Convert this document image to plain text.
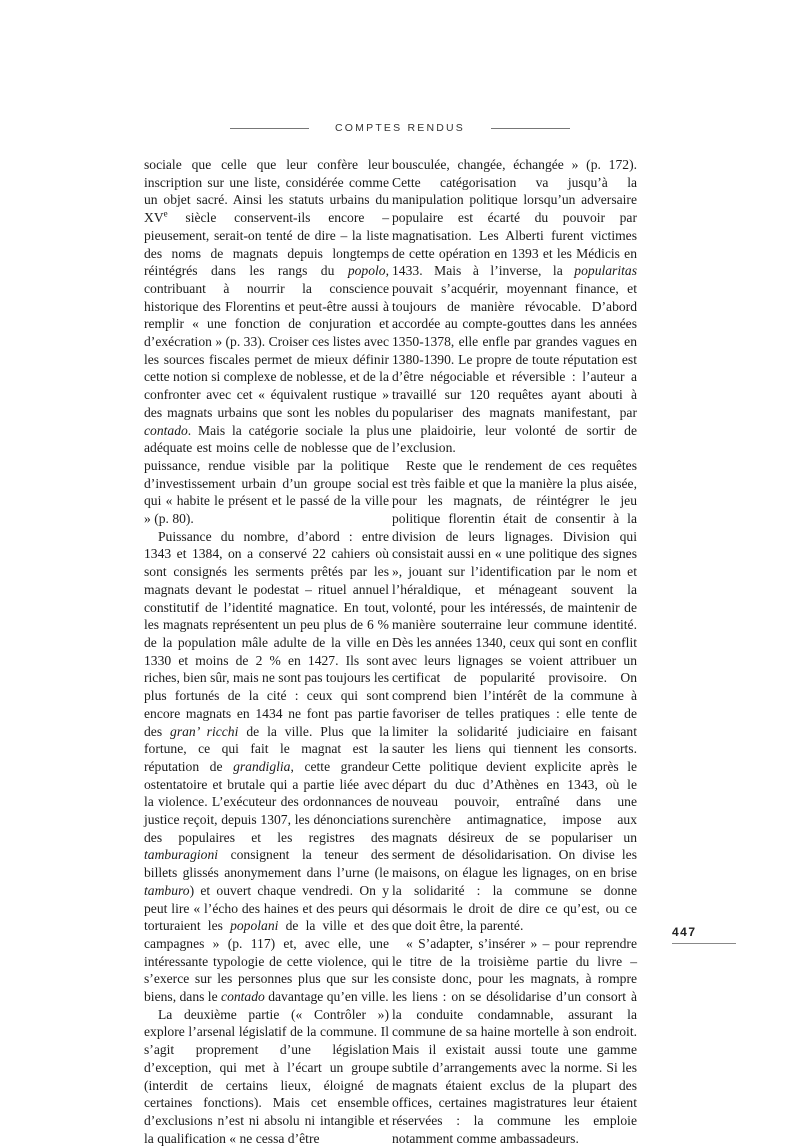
COMPTES RENDUS

sociale que celle que leur confère leur inscription sur une liste, considérée comme un objet sacré. Ainsi les statuts urbains du XVe siècle conservent-ils encore – pieusement, serait-on tenté de dire – la liste des noms de magnats depuis longtemps réintégrés dans les rangs du popolo, contribuant à nourrir la conscience historique des Florentins et peut-être aussi à remplir « une fonction de conjuration et d’exécration » (p. 33). Croiser ces listes avec les sources fiscales permet de mieux définir cette notion si complexe de noblesse, et de la confronter avec cet « équivalent rustique » des magnats urbains que sont les nobles du contado. Mais la catégorie sociale la plus adéquate est moins celle de noblesse que de puissance, rendue visible par la politique d’investissement urbain d’un groupe social qui « habite le présent et le passé de la ville » (p. 80).

Puissance du nombre, d’abord : entre 1343 et 1384, on a conservé 22 cahiers où sont consignés les serments prêtés par les magnats devant le podestat – rituel annuel constitutif de l’identité magnatice. En tout, les magnats représentent un peu plus de 6 % de la population mâle adulte de la ville en 1330 et moins de 2 % en 1427. Ils sont riches, bien sûr, mais ne sont pas toujours les plus fortunés de la cité : ceux qui sont encore magnats en 1434 ne font pas partie des gran’ ricchi de la ville. Plus que la fortune, ce qui fait le magnat est la réputation de grandiglia, cette grandeur ostentatoire et brutale qui a partie liée avec la violence. L’exécuteur des ordonnances de justice reçoit, depuis 1307, les dénonciations des populaires et les registres des tamburagioni consignent la teneur des billets glissés anonymement dans l’urne (le tamburo) et ouvert chaque vendredi. On y peut lire « l’écho des haines et des peurs qui torturaient les popolani de la ville et des campagnes » (p. 117) et, avec elle, une intéressante typologie de cette violence, qui s’exerce sur les personnes plus que sur les biens, dans le contado davantage qu’en ville.

La deuxième partie (« Contrôler ») explore l’arsenal législatif de la commune. Il s’agit proprement d’une législation d’exception, qui met à l’écart un groupe (interdit de certains lieux, éloigné de certaines fonctions). Mais cet ensemble d’exclusions n’est ni absolu ni intangible et la qualification « ne cessa d’être

bousculée, changée, échangée » (p. 172). Cette catégorisation va jusqu’à la manipulation politique lorsqu’un adversaire populaire est écarté du pouvoir par magnatisation. Les Alberti furent victimes de cette opération en 1393 et les Médicis en 1433. Mais à l’inverse, la popularitas pouvait s’acquérir, moyennant finance, et toujours de manière révocable. D’abord accordée au compte-gouttes dans les années 1350-1378, elle enfle par grandes vagues en 1380-1390. Le propre de toute réputation est d’être négociable et réversible : l’auteur a travaillé sur 120 requêtes ayant abouti à populariser des magnats manifestant, par une plaidoirie, leur volonté de sortir de l’exclusion.

Reste que le rendement de ces requêtes est très faible et que la manière la plus aisée, pour les magnats, de réintégrer le jeu politique florentin était de consentir à la division de leurs lignages. Division qui consistait aussi en « une politique des signes », jouant sur l’identification par le nom et l’héraldique, et ménageant souvent la volonté, pour les intéressés, de maintenir de manière souterraine leur commune identité. Dès les années 1340, ceux qui sont en conflit avec leurs lignages se voient attribuer un certificat de popularité provisoire. On comprend bien l’intérêt de la commune à favoriser de telles pratiques : elle tente de limiter la solidarité judiciaire en faisant sauter les liens qui tiennent les consorts. Cette politique devient explicite après le départ du duc d’Athènes en 1343, où le nouveau pouvoir, entraîné dans une surenchère antimagnatice, impose aux magnats désireux de se populariser un serment de désolidarisation. On divise les maisons, on élague les lignages, on en brise la solidarité : la commune se donne désormais le droit de dire ce qu’est, ou ce que doit être, la parenté.

« S’adapter, s’insérer » – pour reprendre le titre de la troisième partie du livre – consiste donc, pour les magnats, à rompre les liens : on se désolidarise d’un consort à la conduite condamnable, assurant la commune de sa haine mortelle à son endroit. Mais il existait aussi toute une gamme subtile d’arrangements avec la norme. Si les magnats étaient exclus de la plupart des offices, certaines magistratures leur étaient réservées : la commune les emploie notamment comme ambassadeurs.

447
